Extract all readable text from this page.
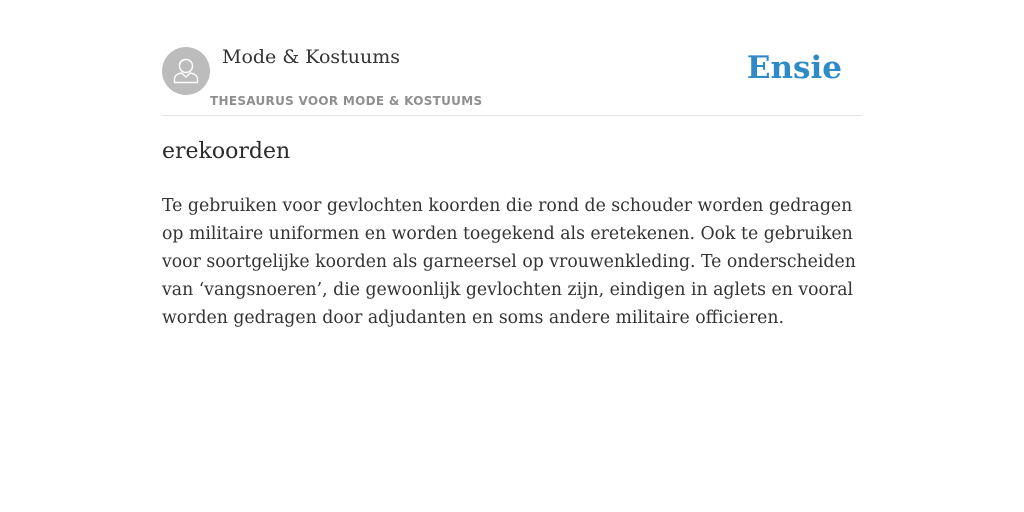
Mode & Kostuums
THESAURUS VOOR MODE & KOSTUUMS
Ensie
erekoorden

Te gebruiken voor gevlochten koorden die rond de schouder worden gedragen op militaire uniformen en worden toegekend als eretekenen. Ook te gebruiken voor soortgelijke koorden als garneersel op vrouwenkleding. Te onderscheiden van ‘vangsnoeren’, die gewoonlijk gevlochten zijn, eindigen in aglets en vooral worden gedragen door adjudanten en soms andere militaire officieren.
